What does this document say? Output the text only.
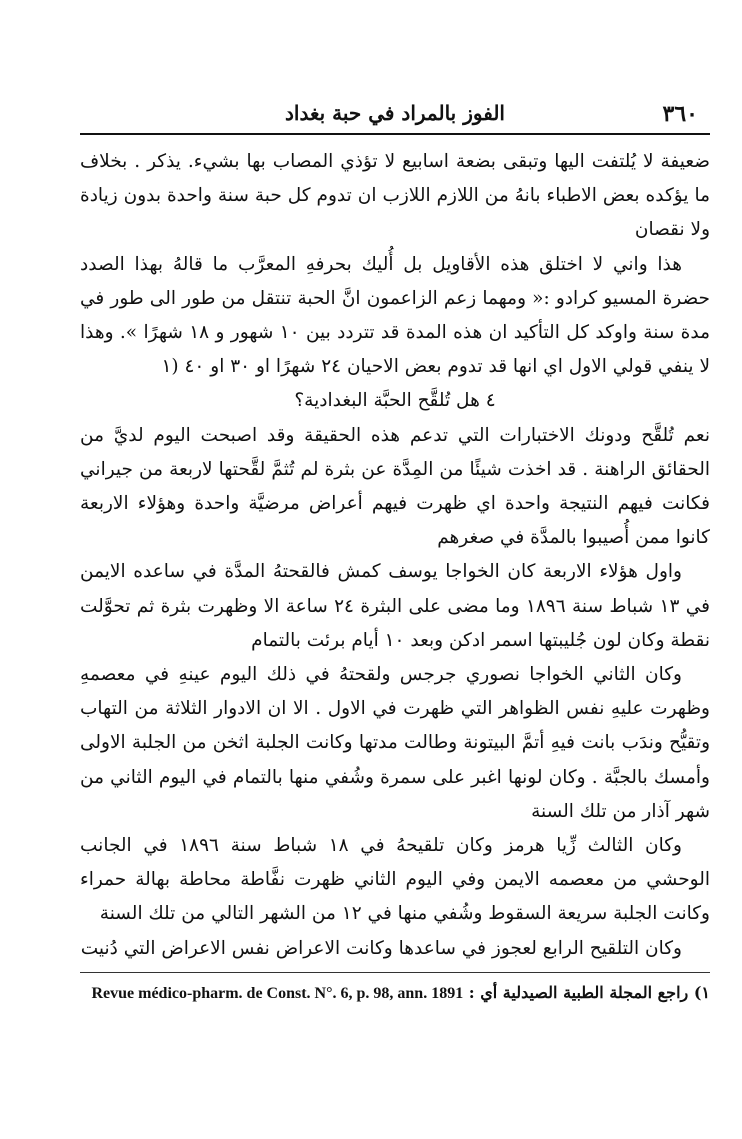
٣٦٠
الفوز بالمراد في حبة بغداد

ضعيفة لا يُلتفت اليها وتبقى بضعة اسابيع لا تؤذي المصاب بها بشيء. يذكر . بخلاف ما يؤكده بعض الاطباء بانهُ من اللازم اللازب ان تدوم كل حبة سنة واحدة بدون زيادة ولا نقصان

هذا واني لا اختلق هذه الأقاويل بل أُليك بحرفهِ المعرَّب ما قالهُ بهذا الصدد حضرة المسيو كرادو :« ومهما زعم الزاعمون انَّ الحبة تنتقل من طور الى طور في مدة سنة واوكد كل التأكيد ان هذه المدة قد تتردد بين ١٠ شهور و ١٨ شهرًا ». وهذا لا ينفي قولي الاول اي انها قد تدوم بعض الاحيان ٢٤ شهرًا او ٣٠ او ٤٠ (١

٤ هل تُلقَّح الحبَّة البغدادية؟

نعم تُلقَّح ودونك الاختبارات التي تدعم هذه الحقيقة وقد اصبحت اليوم لديَّ من الحقائق الراهنة . قد اخذت شيئًا من المِدَّة عن بثرة لم تُثمَّ لقَّحتها لاربعة من جيراني فكانت فيهم النتيجة واحدة اي ظهرت فيهم أعراض مرضيَّة واحدة وهؤلاء الاربعة كانوا ممن أُصيبوا بالمدَّة في صغرهم

واول هؤلاء الاربعة كان الخواجا يوسف كمش فالقحتهُ المدَّة في ساعده الايمن في ١٣ شباط سنة ١٨٩٦ وما مضى على البثرة ٢٤ ساعة الا وظهرت بثرة ثم تحوَّلت نقطة وكان لون جُليبتها اسمر ادكن وبعد ١٠ أيام برئت بالتمام

وكان الثاني الخواجا نصوري جرجس ولقحتهُ في ذلك اليوم عينهِ في معصمهِ وظهرت عليهِ نفس الظواهر التي ظهرت في الاول . الا ان الادوار الثلاثة من التهاب وتقيُّح وندَب بانت فيهِ أتمَّ البيتونة وطالت مدتها وكانت الجلبة اثخن من الجلبة الاولى وأمسك بالجبَّة . وكان لونها اغبر على سمرة وشُفي منها بالتمام في اليوم الثاني من شهر آذار من تلك السنة

وكان الثالث زِّيا هرمز وكان تلقيحهُ في ١٨ شباط سنة ١٨٩٦ في الجانب الوحشي من معصمه الايمن وفي اليوم الثاني ظهرت نفَّاطة محاطة بهالة حمراء وكانت الجلبة سريعة السقوط وشُفي منها في ١٢ من الشهر التالي من تلك السنة

وكان التلقيح الرابع لعجوز في ساعدها وكانت الاعراض نفس الاعراض التي دُنيت

١) راجع المجلة الطبية الصيدلية أي : Revue médico-pharm. de Const. N°. 6, p. 98, ann. 1891
